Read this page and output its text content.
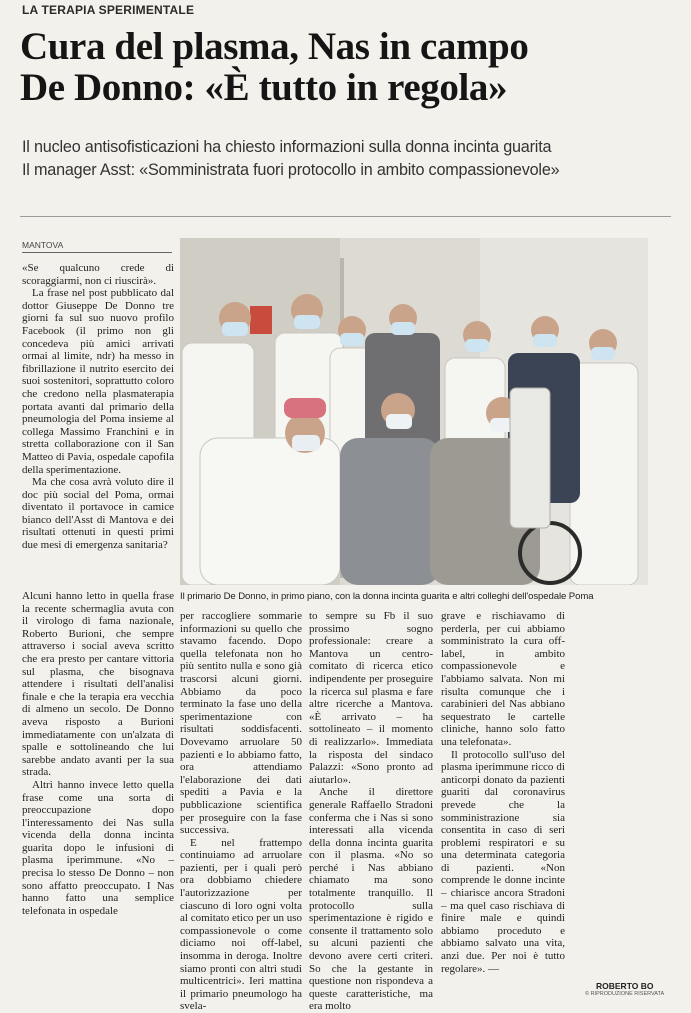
LA TERAPIA SPERIMENTALE
Cura del plasma, Nas in campo
De Donno: «È tutto in regola»
Il nucleo antisofisticazioni ha chiesto informazioni sulla donna incinta guarita
Il manager Asst: «Somministrata fuori protocollo in ambito compassionevole»
MANTOVA

«Se qualcuno crede di scoraggiarmi, non ci riuscirà».

La frase nel post pubblicato dal dottor Giuseppe De Donno tre giorni fa sul suo nuovo profilo Facebook (il primo non gli concedeva più amici arrivati ormai al limite, ndr) ha messo in fibrillazione il nutrito esercito dei suoi sostenitori, soprattutto coloro che credono nella plasmaterapia portata avanti dal primario della pneumologia del Poma insieme al collega Massimo Franchini e in stretta collaborazione con il San Matteo di Pavia, ospedale capofila della sperimentazione.

Ma che cosa avrà voluto dire il doc più social del Poma, ormai diventato il portavoce in camice bianco dell'Asst di Mantova e dei risultati ottenuti in questi primi due mesi di emergenza sanitaria?

Il primario De Donno, in primo piano, con la donna incinta guarita e altri colleghi dell'ospedale Poma

Alcuni hanno letto in quella frase la recente schermaglia avuta con il virologo di fama nazionale, Roberto Burioni, che sempre attraverso i social aveva scritto che era presto per cantare vittoria sul plasma, che bisognava attendere i risultati dell'analisi finale e che la terapia era vecchia di almeno un secolo. De Donno aveva risposto a Burioni immediatamente con un'alzata di spalle e sottolineando che lui sarebbe andato avanti per la sua strada.

Altri hanno invece letto quella frase come una sorta di preoccupazione dopo l'interessamento dei Nas sulla vicenda della donna incinta guarita dopo le infusioni di plasma iperimmune. «No – precisa lo stesso De Donno – non sono affatto preoccupato. I Nas hanno fatto una semplice telefonata in ospedale

per raccogliere sommarie informazioni su quello che stavamo facendo. Dopo quella telefonata non ho più sentito nulla e sono già trascorsi alcuni giorni. Abbiamo da poco terminato la fase uno della sperimentazione con risultati soddisfacenti. Dovevamo arruolare 50 pazienti e lo abbiamo fatto, ora attendiamo l'elaborazione dei dati spediti a Pavia e la pubblicazione scientifica per proseguire con la fase successiva.

E nel frattempo continuiamo ad arruolare pazienti, per i quali però ora dobbiamo chiedere l'autorizzazione per ciascuno di loro ogni volta al comitato etico per un uso compassionevole o come diciamo noi off-label, insomma in deroga. Inoltre siamo pronti con altri studi multicentrici». Ieri mattina il primario pneumologo ha svela-

to sempre su Fb il suo prossimo sogno professionale: creare a Mantova un centro-comitato di ricerca etico indipendente per proseguire la ricerca sul plasma e fare altre ricerche a Mantova. «È arrivato – ha sottolineato – il momento di realizzarlo». Immediata la risposta del sindaco Palazzi: «Sono pronto ad aiutarlo».

Anche il direttore generale Raffaello Stradoni conferma che i Nas si sono interessati alla vicenda della donna incinta guarita con il plasma. «No so perché i Nas abbiano chiamato ma sono totalmente tranquillo. Il protocollo sulla sperimentazione è rigido e consente il trattamento solo su alcuni pazienti che devono avere certi criteri. So che la gestante in questione non rispondeva a queste caratteristiche, ma era molto

grave e rischiavamo di perderla, per cui abbiamo somministrato la cura off-label, in ambito compassionevole e l'abbiamo salvata. Non mi risulta comunque che i carabinieri del Nas abbiano sequestrato le cartelle cliniche, hanno solo fatto una telefonata».

Il protocollo sull'uso del plasma iperimmune ricco di anticorpi donato da pazienti guariti dal coronavirus prevede che la somministrazione sia consentita in caso di seri problemi respiratori e su una determinata categoria di pazienti. «Non comprende le donne incinte – chiarisce ancora Stradoni – ma quel caso rischiava di finire male e quindi abbiamo proceduto e abbiamo salvato una vita, anzi due. Per noi è tutto regolare». —

ROBERTO BO
© RIPRODUZIONE RISERVATA
